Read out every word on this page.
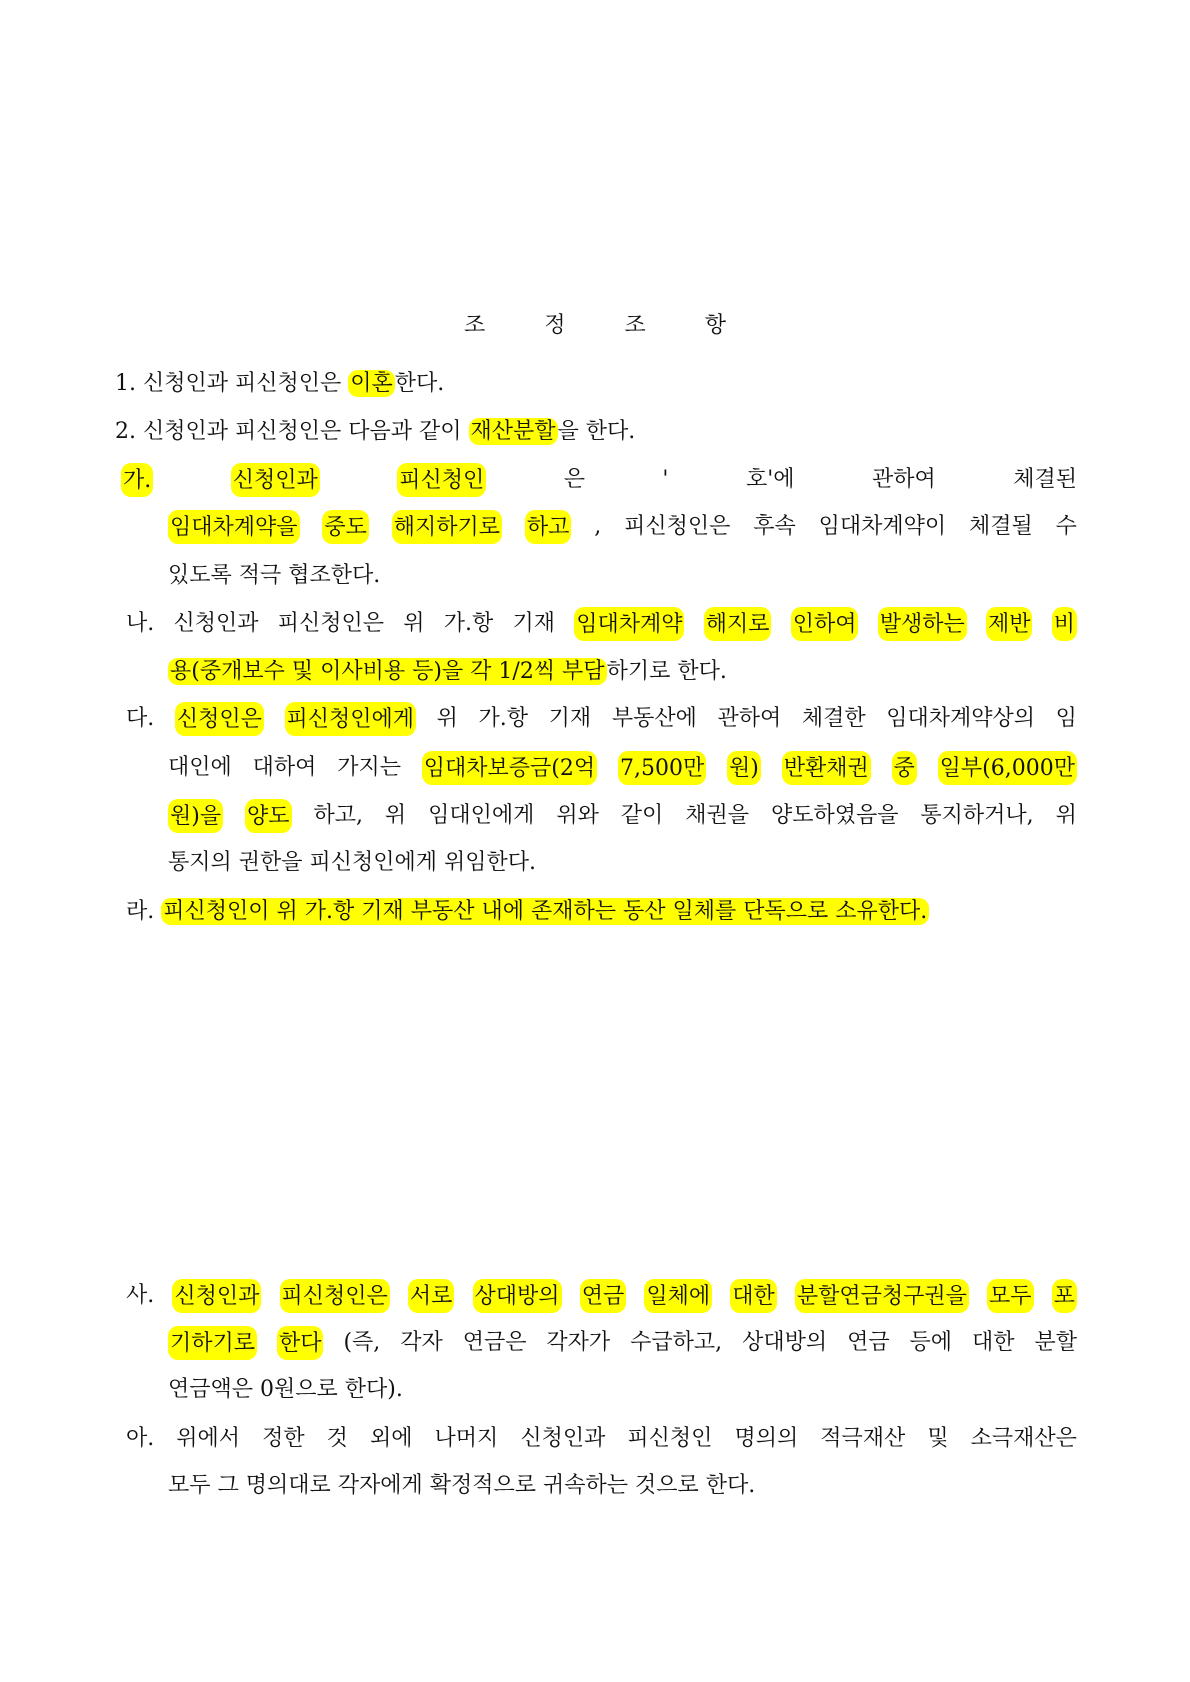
조 정 조 항
1. 신청인과 피신청인은 이혼한다.
2. 신청인과 피신청인은 다음과 같이 재산분할을 한다.
가.	신청인과	피신청인	은	'	호'에	관하여	체결된
임대차계약을 중도 해지하기로 하고 , 피신청인은 후속 임대차계약이 체결될 수
있도록 적극 협조한다.
나. 신청인과 피신청인은 위 가.항 기재 임대차계약 해지로 인하여 발생하는 제반 비
용(중개보수 및 이사비용 등)을 각 1/2씩 부담하기로 한다.
다. 신청인은 피신청인에게 위 가.항 기재 부동산에 관하여 체결한 임대차계약상의 임
대인에 대하여 가지는 임대차보증금(2억 7,500만 원) 반환채권 중 일부(6,000만
원)을 양도 하고, 위 임대인에게 위와 같이 채권을 양도하였음을 통지하거나, 위
통지의 권한을 피신청인에게 위임한다.
라. 피신청인이 위 가.항 기재 부동산 내에 존재하는 동산 일체를 단독으로 소유한다.
사. 신청인과 피신청인은 서로 상대방의 연금 일체에 대한 분할연금청구권을 모두 포
기하기로 한다 (즉, 각자 연금은 각자가 수급하고, 상대방의 연금 등에 대한 분할
연금액은 0원으로 한다).
아. 위에서 정한 것 외에 나머지 신청인과 피신청인 명의의 적극재산 및 소극재산은
모두 그 명의대로 각자에게 확정적으로 귀속하는 것으로 한다.
